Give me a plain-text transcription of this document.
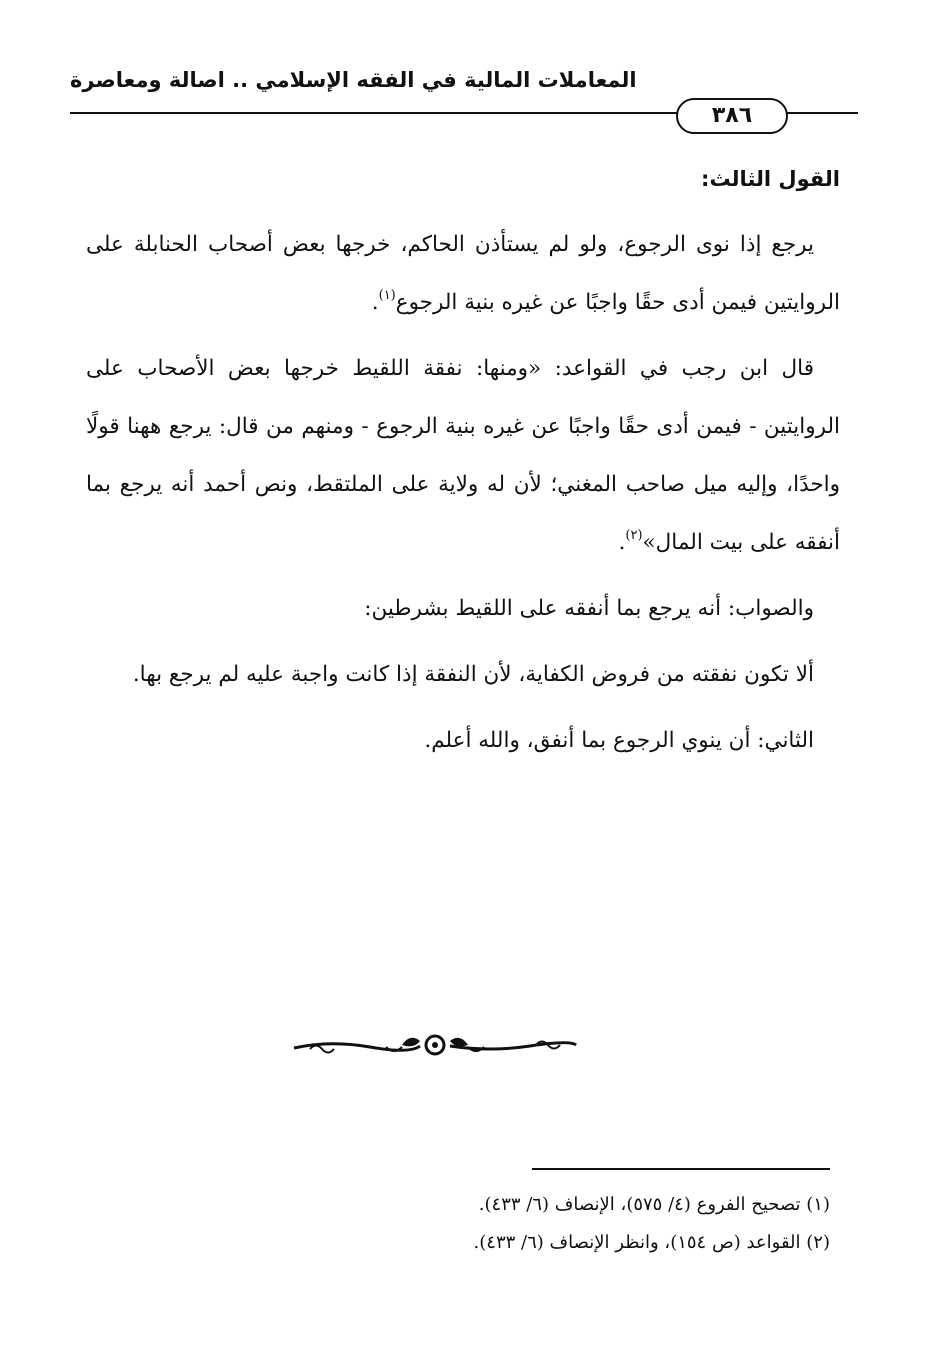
المعاملات المالية في الفقه الإسلامي .. اصالة ومعاصرة
٣٨٦

القول الثالث:

يرجع إذا نوى الرجوع، ولو لم يستأذن الحاكم، خرجها بعض أصحاب الحنابلة على الروايتين فيمن أدى حقًا واجبًا عن غيره بنية الرجوع$^{(١)}$.

قال ابن رجب في القواعد: «ومنها: نفقة اللقيط خرجها بعض الأصحاب على الروايتين - فيمن أدى حقًا واجبًا عن غيره بنية الرجوع - ومنهم من قال: يرجع ههنا قولًا واحدًا، وإليه ميل صاحب المغني؛ لأن له ولاية على الملتقط، ونص أحمد أنه يرجع بما أنفقه على بيت المال»$^{(٢)}$.

والصواب: أنه يرجع بما أنفقه على اللقيط بشرطين:

ألا تكون نفقته من فروض الكفاية، لأن النفقة إذا كانت واجبة عليه لم يرجع بها.

الثاني: أن ينوي الرجوع بما أنفق، والله أعلم.

(١) تصحيح الفروع (٤/ ٥٧٥)، الإنصاف (٦/ ٤٣٣).
(٢) القواعد (ص ١٥٤)، وانظر الإنصاف (٦/ ٤٣٣).
